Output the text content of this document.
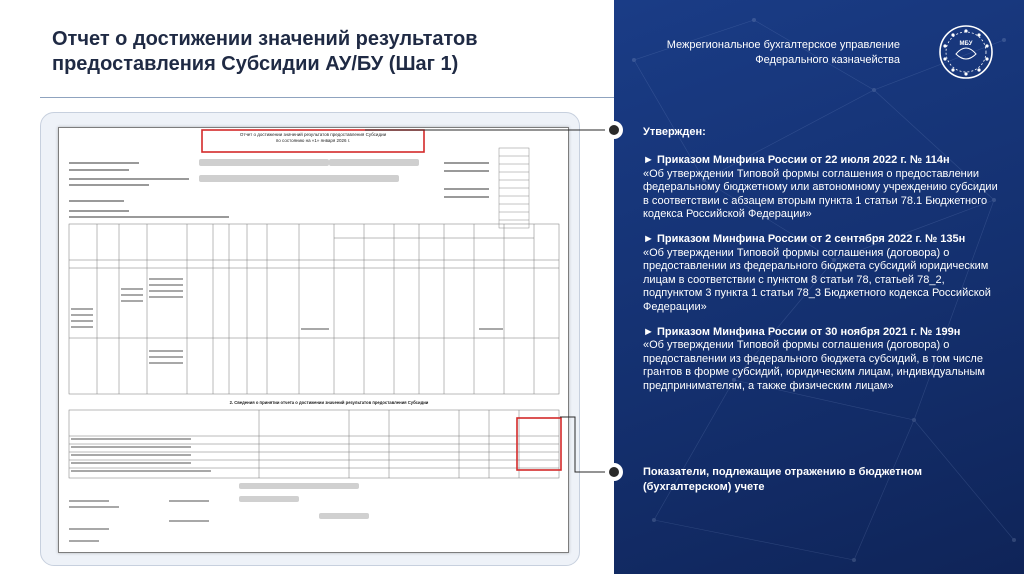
Отчет о достижении значений результатов предоставления Субсидии АУ/БУ (Шаг 1)
Межрегиональное бухгалтерское управление
Федерального казначейства
МБУ
Утвержден:
► Приказом Минфина России от 22 июля 2022 г. № 114н
«Об утверждении Типовой формы соглашения о предоставлении федеральному бюджетному или автономному учреждению субсидии в соответствии с абзацем вторым пункта 1 статьи 78.1 Бюджетного кодекса Российской Федерации»
► Приказом Минфина России от 2 сентября 2022 г. № 135н
«Об утверждении Типовой формы соглашения (договора) о предоставлении из федерального бюджета субсидий юридическим лицам в соответствии с пунктом 8 статьи 78, статьей 78_2, подпунктом 3 пункта 1 статьи 78_3 Бюджетного кодекса Российской Федерации»
► Приказом Минфина России от 30 ноября 2021 г. № 199н
«Об утверждении Типовой формы соглашения (договора) о предоставлении из федерального бюджета субсидий, в том числе грантов в форме субсидий, юридическим лицам, индивидуальным предпринимателям, а также физическим лицам»
Показатели, подлежащие отражению в бюджетном (бухгалтерском) учете
Отчет о достижении значений результатов предоставления Субсидии
по состоянию на «1» января 2026 г.
2. Сведения о принятии отчета о достижении значений результатов предоставления Субсидии
